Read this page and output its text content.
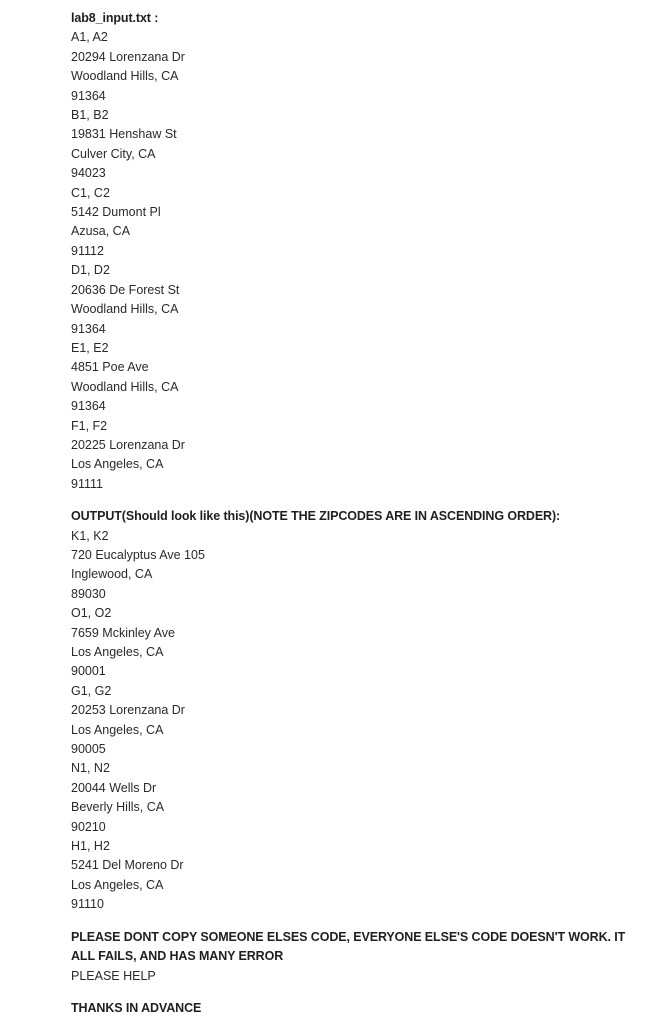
lab8_input.txt :
A1, A2
20294 Lorenzana Dr
Woodland Hills, CA
91364
B1, B2
19831 Henshaw St
Culver City, CA
94023
C1, C2
5142 Dumont Pl
Azusa, CA
91112
D1, D2
20636 De Forest St
Woodland Hills, CA
91364
E1, E2
4851 Poe Ave
Woodland Hills, CA
91364
F1, F2
20225 Lorenzana Dr
Los Angeles, CA
91111
OUTPUT(Should look like this)(NOTE THE ZIPCODES ARE IN ASCENDING ORDER):
K1, K2
720 Eucalyptus Ave 105
Inglewood, CA
89030
O1, O2
7659 Mckinley Ave
Los Angeles, CA
90001
G1, G2
20253 Lorenzana Dr
Los Angeles, CA
90005
N1, N2
20044 Wells Dr
Beverly Hills, CA
90210
H1, H2
5241 Del Moreno Dr
Los Angeles, CA
91110
PLEASE DONT COPY SOMEONE ELSES CODE, EVERYONE ELSE'S CODE DOESN'T WORK. IT ALL FAILS, AND HAS MANY ERROR
PLEASE HELP
THANKS IN ADVANCE
